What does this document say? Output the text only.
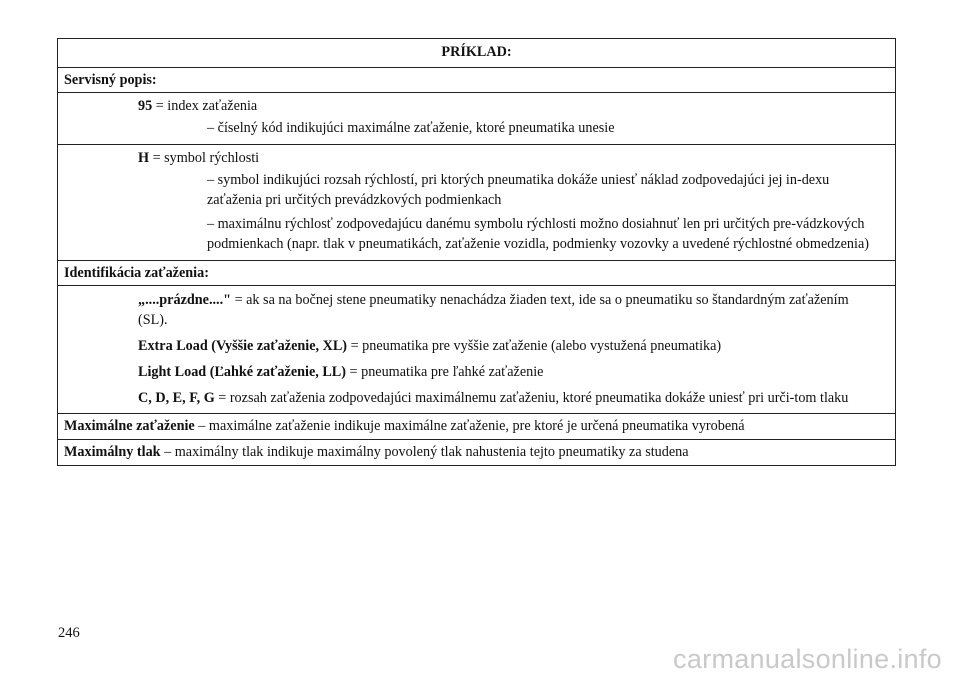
PRÍKLAD:
Servisný popis:

95 = index zaťaženia
– číselný kód indikujúci maximálne zaťaženie, ktoré pneumatika unesie

H = symbol rýchlosti
– symbol indikujúci rozsah rýchlostí, pri ktorých pneumatika dokáže uniesť náklad zodpovedajúci jej in-dexu zaťaženia pri určitých prevádzkových podmienkach
– maximálnu rýchlosť zodpovedajúcu danému symbolu rýchlosti možno dosiahnuť len pri určitých pre-vádzkových podmienkach (napr. tlak v pneumatikách, zaťaženie vozidla, podmienky vozovky a uvedené rýchlostné obmedzenia)

Identifikácia zaťaženia:

„....prázdne...." = ak sa na bočnej stene pneumatiky nenachádza žiaden text, ide sa o pneumatiku so štandardným zaťažením (SL).
Extra Load (Vyššie zaťaženie, XL) = pneumatika pre vyššie zaťaženie (alebo vystužená pneumatika)
Light Load (Ľahké zaťaženie, LL) = pneumatika pre ľahké zaťaženie
C, D, E, F, G = rozsah zaťaženia zodpovedajúci maximálnemu zaťaženiu, ktoré pneumatika dokáže uniesť pri urči-tom tlaku

Maximálne zaťaženie – maximálne zaťaženie indikuje maximálne zaťaženie, pre ktoré je určená pneumatika vyrobená
Maximálny tlak – maximálny tlak indikuje maximálny povolený tlak nahustenia tejto pneumatiky za studena
246
carmanualsonline.info
